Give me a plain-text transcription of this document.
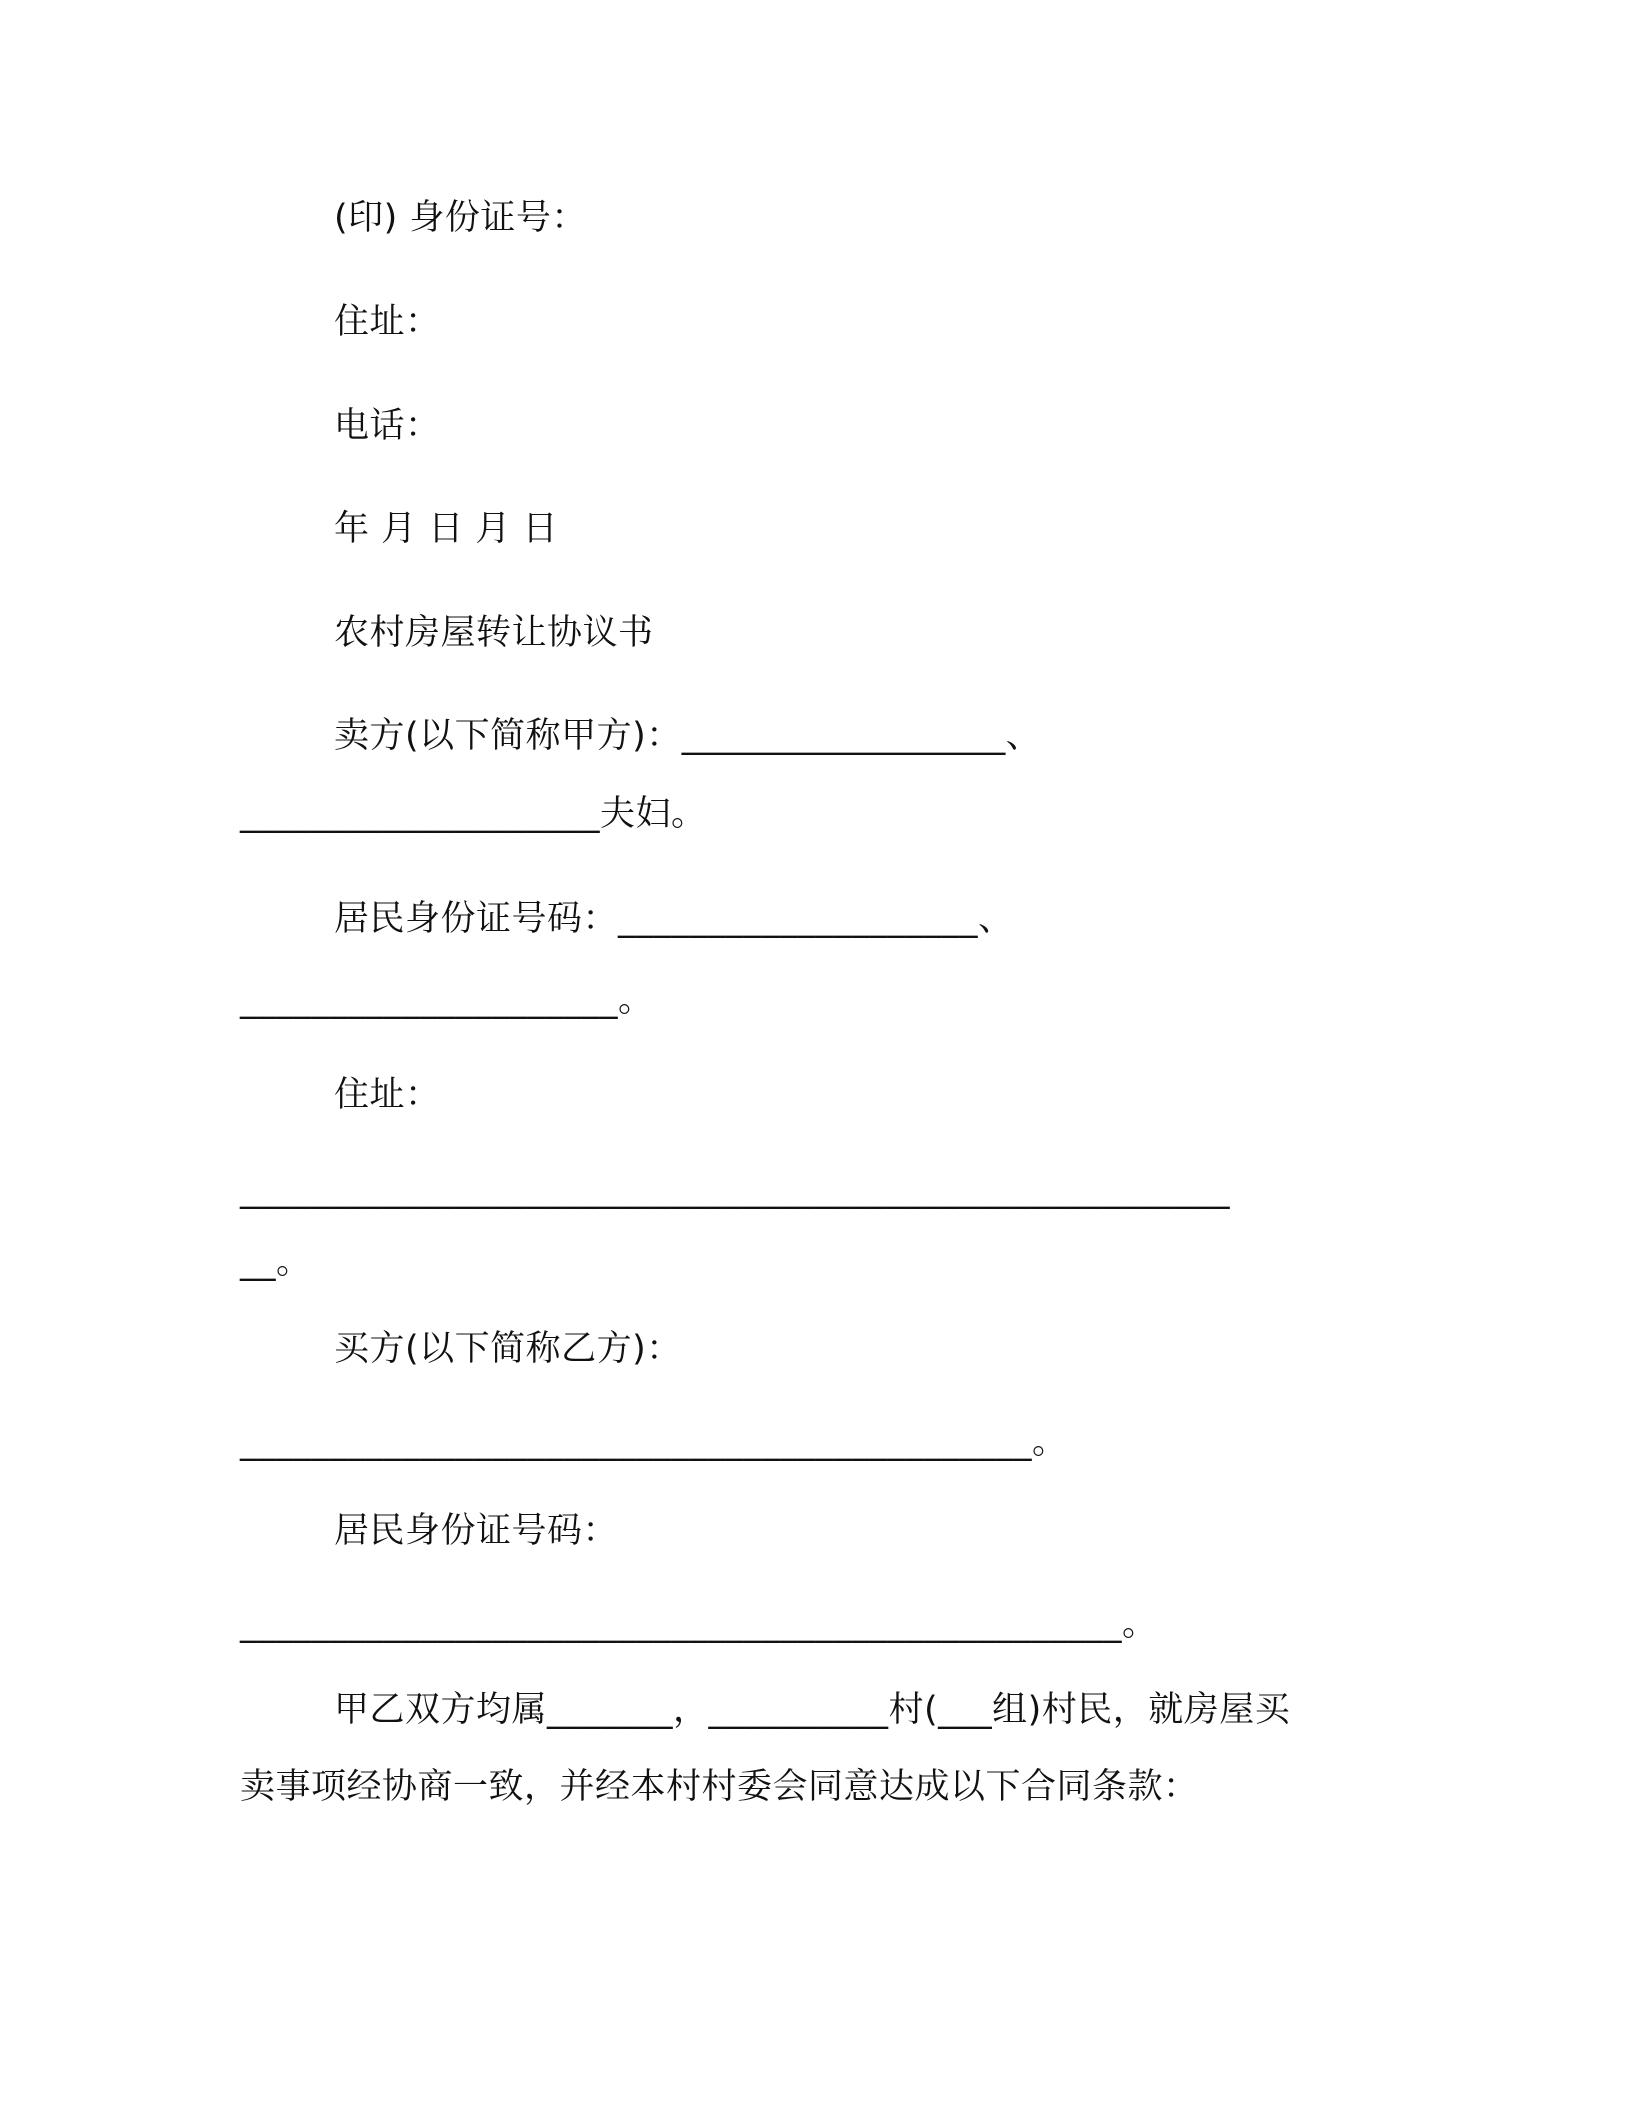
(印) 身份证号：
住址：
电话：
年 月 日 月 日
农村房屋转让协议书
卖方(以下简称甲方)：__________________、
____________________夫妇。
居民身份证号码：____________________、
_____________________。
住址：
_______________________________________________________
__。
买方(以下简称乙方)：
____________________________________________。
居民身份证号码：
_________________________________________________。
甲乙双方均属_______，__________村(___组)村民，就房屋买
卖事项经协商一致，并经本村村委会同意达成以下合同条款：
